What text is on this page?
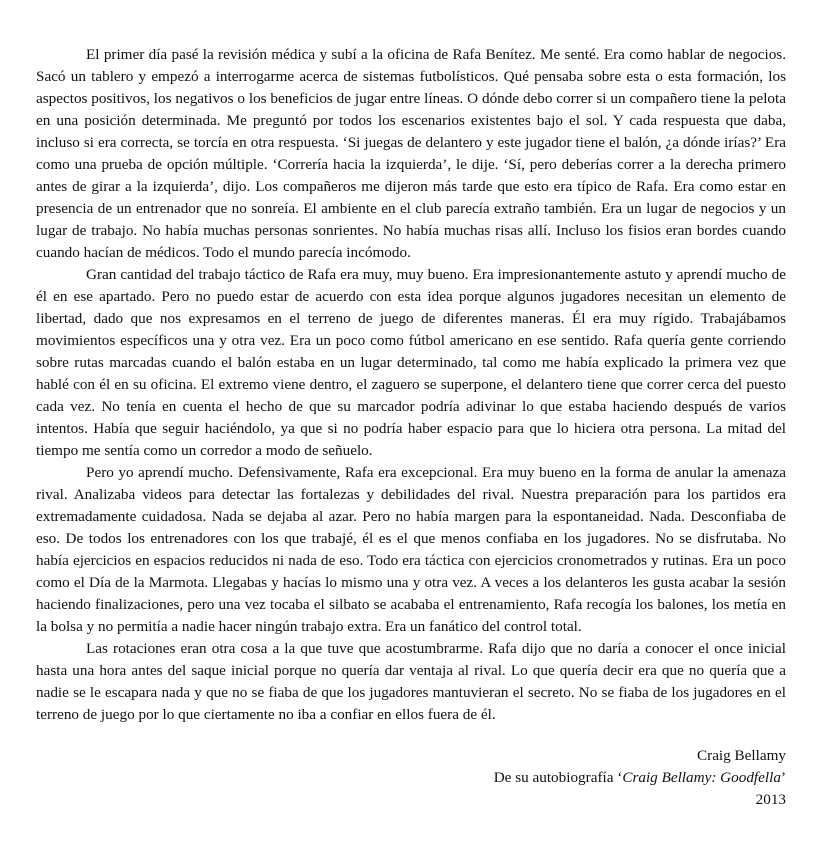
El primer día pasé la revisión médica y subí a la oficina de Rafa Benítez. Me senté. Era como hablar de negocios. Sacó un tablero y empezó a interrogarme acerca de sistemas futbolísticos. Qué pensaba sobre esta o esta formación, los aspectos positivos, los negativos o los beneficios de jugar entre líneas. O dónde debo correr si un compañero tiene la pelota en una posición determinada. Me preguntó por todos los escenarios existentes bajo el sol. Y cada respuesta que daba, incluso si era correcta, se torcía en otra respuesta. ‘Si juegas de delantero y este jugador tiene el balón, ¿a dónde irías?’ Era como una prueba de opción múltiple. ‘Correría hacia la izquierda’, le dije. ‘Sí, pero deberías correr a la derecha primero antes de girar a la izquierda’, dijo. Los compañeros me dijeron más tarde que esto era típico de Rafa. Era como estar en presencia de un entrenador que no sonreía. El ambiente en el club parecía extraño también. Era un lugar de negocios y un lugar de trabajo. No había muchas personas sonrientes. No había muchas risas allí. Incluso los fisios eran bordes cuando cuando hacían de médicos. Todo el mundo parecía incómodo.

Gran cantidad del trabajo táctico de Rafa era muy, muy bueno. Era impresionantemente astuto y aprendí mucho de él en ese apartado. Pero no puedo estar de acuerdo con esta idea porque algunos jugadores necesitan un elemento de libertad, dado que nos expresamos en el terreno de juego de diferentes maneras. Él era muy rígido. Trabajábamos movimientos específicos una y otra vez. Era un poco como fútbol americano en ese sentido. Rafa quería gente corriendo sobre rutas marcadas cuando el balón estaba en un lugar determinado, tal como me había explicado la primera vez que hablé con él en su oficina. El extremo viene dentro, el zaguero se superpone, el delantero tiene que correr cerca del puesto cada vez. No tenía en cuenta el hecho de que su marcador podría adivinar lo que estaba haciendo después de varios intentos. Había que seguir haciéndolo, ya que si no podría haber espacio para que lo hiciera otra persona. La mitad del tiempo me sentía como un corredor a modo de señuelo.

Pero yo aprendí mucho. Defensivamente, Rafa era excepcional. Era muy bueno en la forma de anular la amenaza rival. Analizaba videos para detectar las fortalezas y debilidades del rival. Nuestra preparación para los partidos era extremadamente cuidadosa. Nada se dejaba al azar. Pero no había margen para la espontaneidad. Nada. Desconfiaba de eso. De todos los entrenadores con los que trabajé, él es el que menos confiaba en los jugadores. No se disfrutaba. No había ejercicios en espacios reducidos ni nada de eso. Todo era táctica con ejercicios cronometrados y rutinas. Era un poco como el Día de la Marmota. Llegabas y hacías lo mismo una y otra vez. A veces a los delanteros les gusta acabar la sesión haciendo finalizaciones, pero una vez tocaba el silbato se acababa el entrenamiento, Rafa recogía los balones, los metía en la bolsa y no permitía a nadie hacer ningún trabajo extra. Era un fanático del control total.

Las rotaciones eran otra cosa a la que tuve que acostumbrarme. Rafa dijo que no daría a conocer el once inicial hasta una hora antes del saque inicial porque no quería dar ventaja al rival. Lo que quería decir era que no quería que a nadie se le escapara nada y que no se fiaba de que los jugadores mantuvieran el secreto. No se fiaba de los jugadores en el terreno de juego por lo que ciertamente no iba a confiar en ellos fuera de él.

Craig Bellamy
De su autobiografía ‘Craig Bellamy: Goodfella’
2013
